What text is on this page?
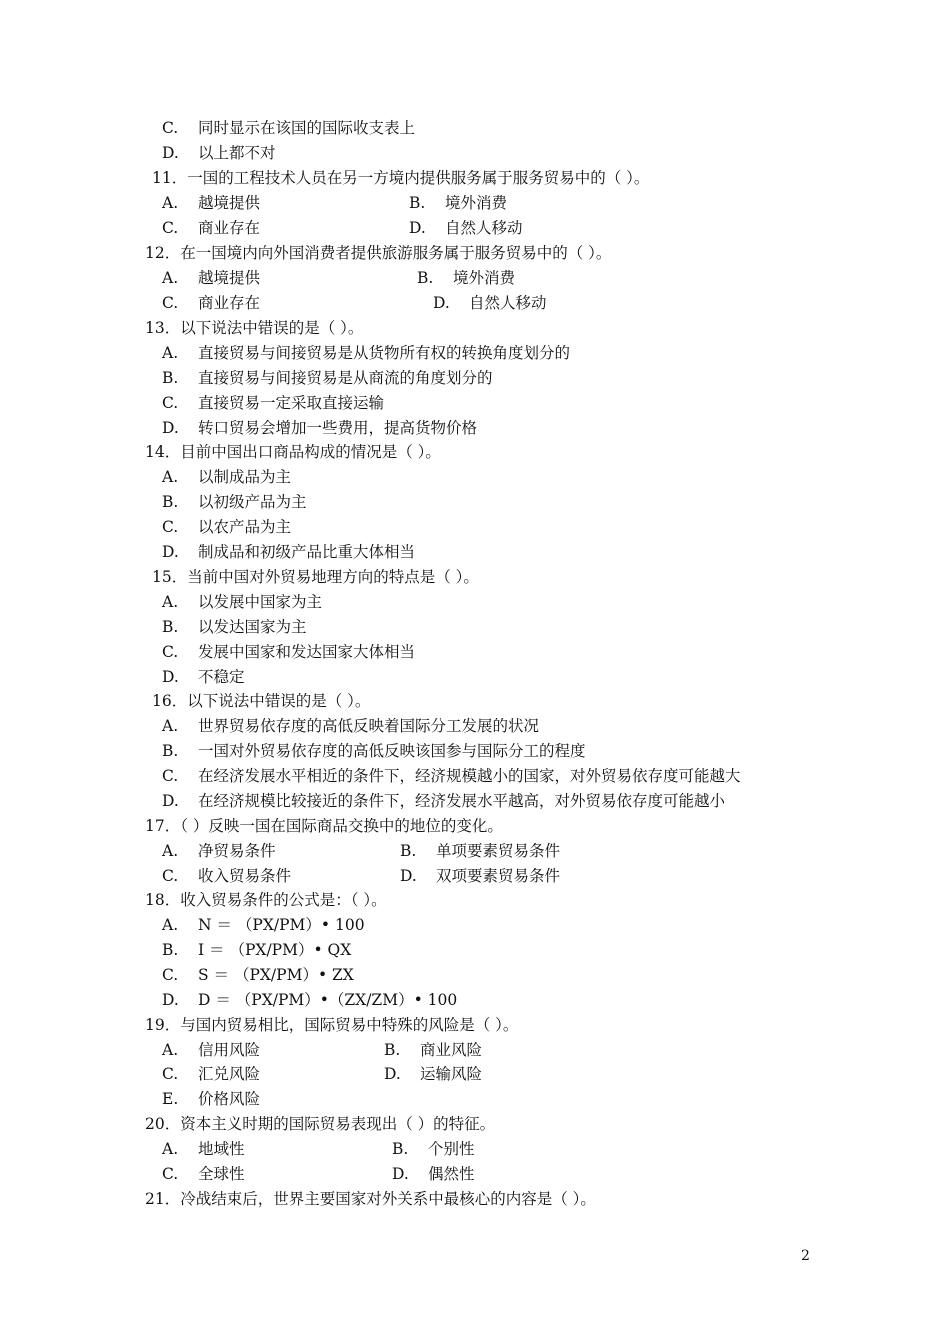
C. 同时显示在该国的国际收支表上
D. 以上都不对
11．一国的工程技术人员在另一方境内提供服务属于服务贸易中的（ ）。
A. 越境提供	B. 境外消费
C. 商业存在	D. 自然人移动
12．在一国境内向外国消费者提供旅游服务属于服务贸易中的（ ）。
A. 越境提供	B. 境外消费
C. 商业存在	D. 自然人移动
13．以下说法中错误的是（ ）。
A. 直接贸易与间接贸易是从货物所有权的转换角度划分的
B. 直接贸易与间接贸易是从商流的角度划分的
C. 直接贸易一定采取直接运输
D. 转口贸易会增加一些费用，提高货物价格
14．目前中国出口商品构成的情况是（ ）。
A. 以制成品为主
B. 以初级产品为主
C. 以农产品为主
D. 制成品和初级产品比重大体相当
15．当前中国对外贸易地理方向的特点是（ ）。
A. 以发展中国家为主
B. 以发达国家为主
C. 发展中国家和发达国家大体相当
D. 不稳定
16．以下说法中错误的是（ ）。
A. 世界贸易依存度的高低反映着国际分工发展的状况
B. 一国对外贸易依存度的高低反映该国参与国际分工的程度
C. 在经济发展水平相近的条件下，经济规模越小的国家，对外贸易依存度可能越大
D. 在经济规模比较接近的条件下，经济发展水平越高，对外贸易依存度可能越小
17．（ ）反映一国在国际商品交换中的地位的变化。
A. 净贸易条件	B. 单项要素贸易条件
C. 收入贸易条件	D. 双项要素贸易条件
18．收入贸易条件的公式是：（ ）。
A. N ＝ （PX/PM）• 100
B. I ＝ （PX/PM）• QX
C. S ＝ （PX/PM）• ZX
D. D ＝ （PX/PM）•（ZX/ZM）• 100
19．与国内贸易相比，国际贸易中特殊的风险是（ ）。
A. 信用风险	B. 商业风险
C. 汇兑风险	D. 运输风险
E. 价格风险
20．资本主义时期的国际贸易表现出（ ）的特征。
A. 地域性	B. 个别性
C. 全球性	D. 偶然性
21．冷战结束后，世界主要国家对外关系中最核心的内容是（ ）。
2
